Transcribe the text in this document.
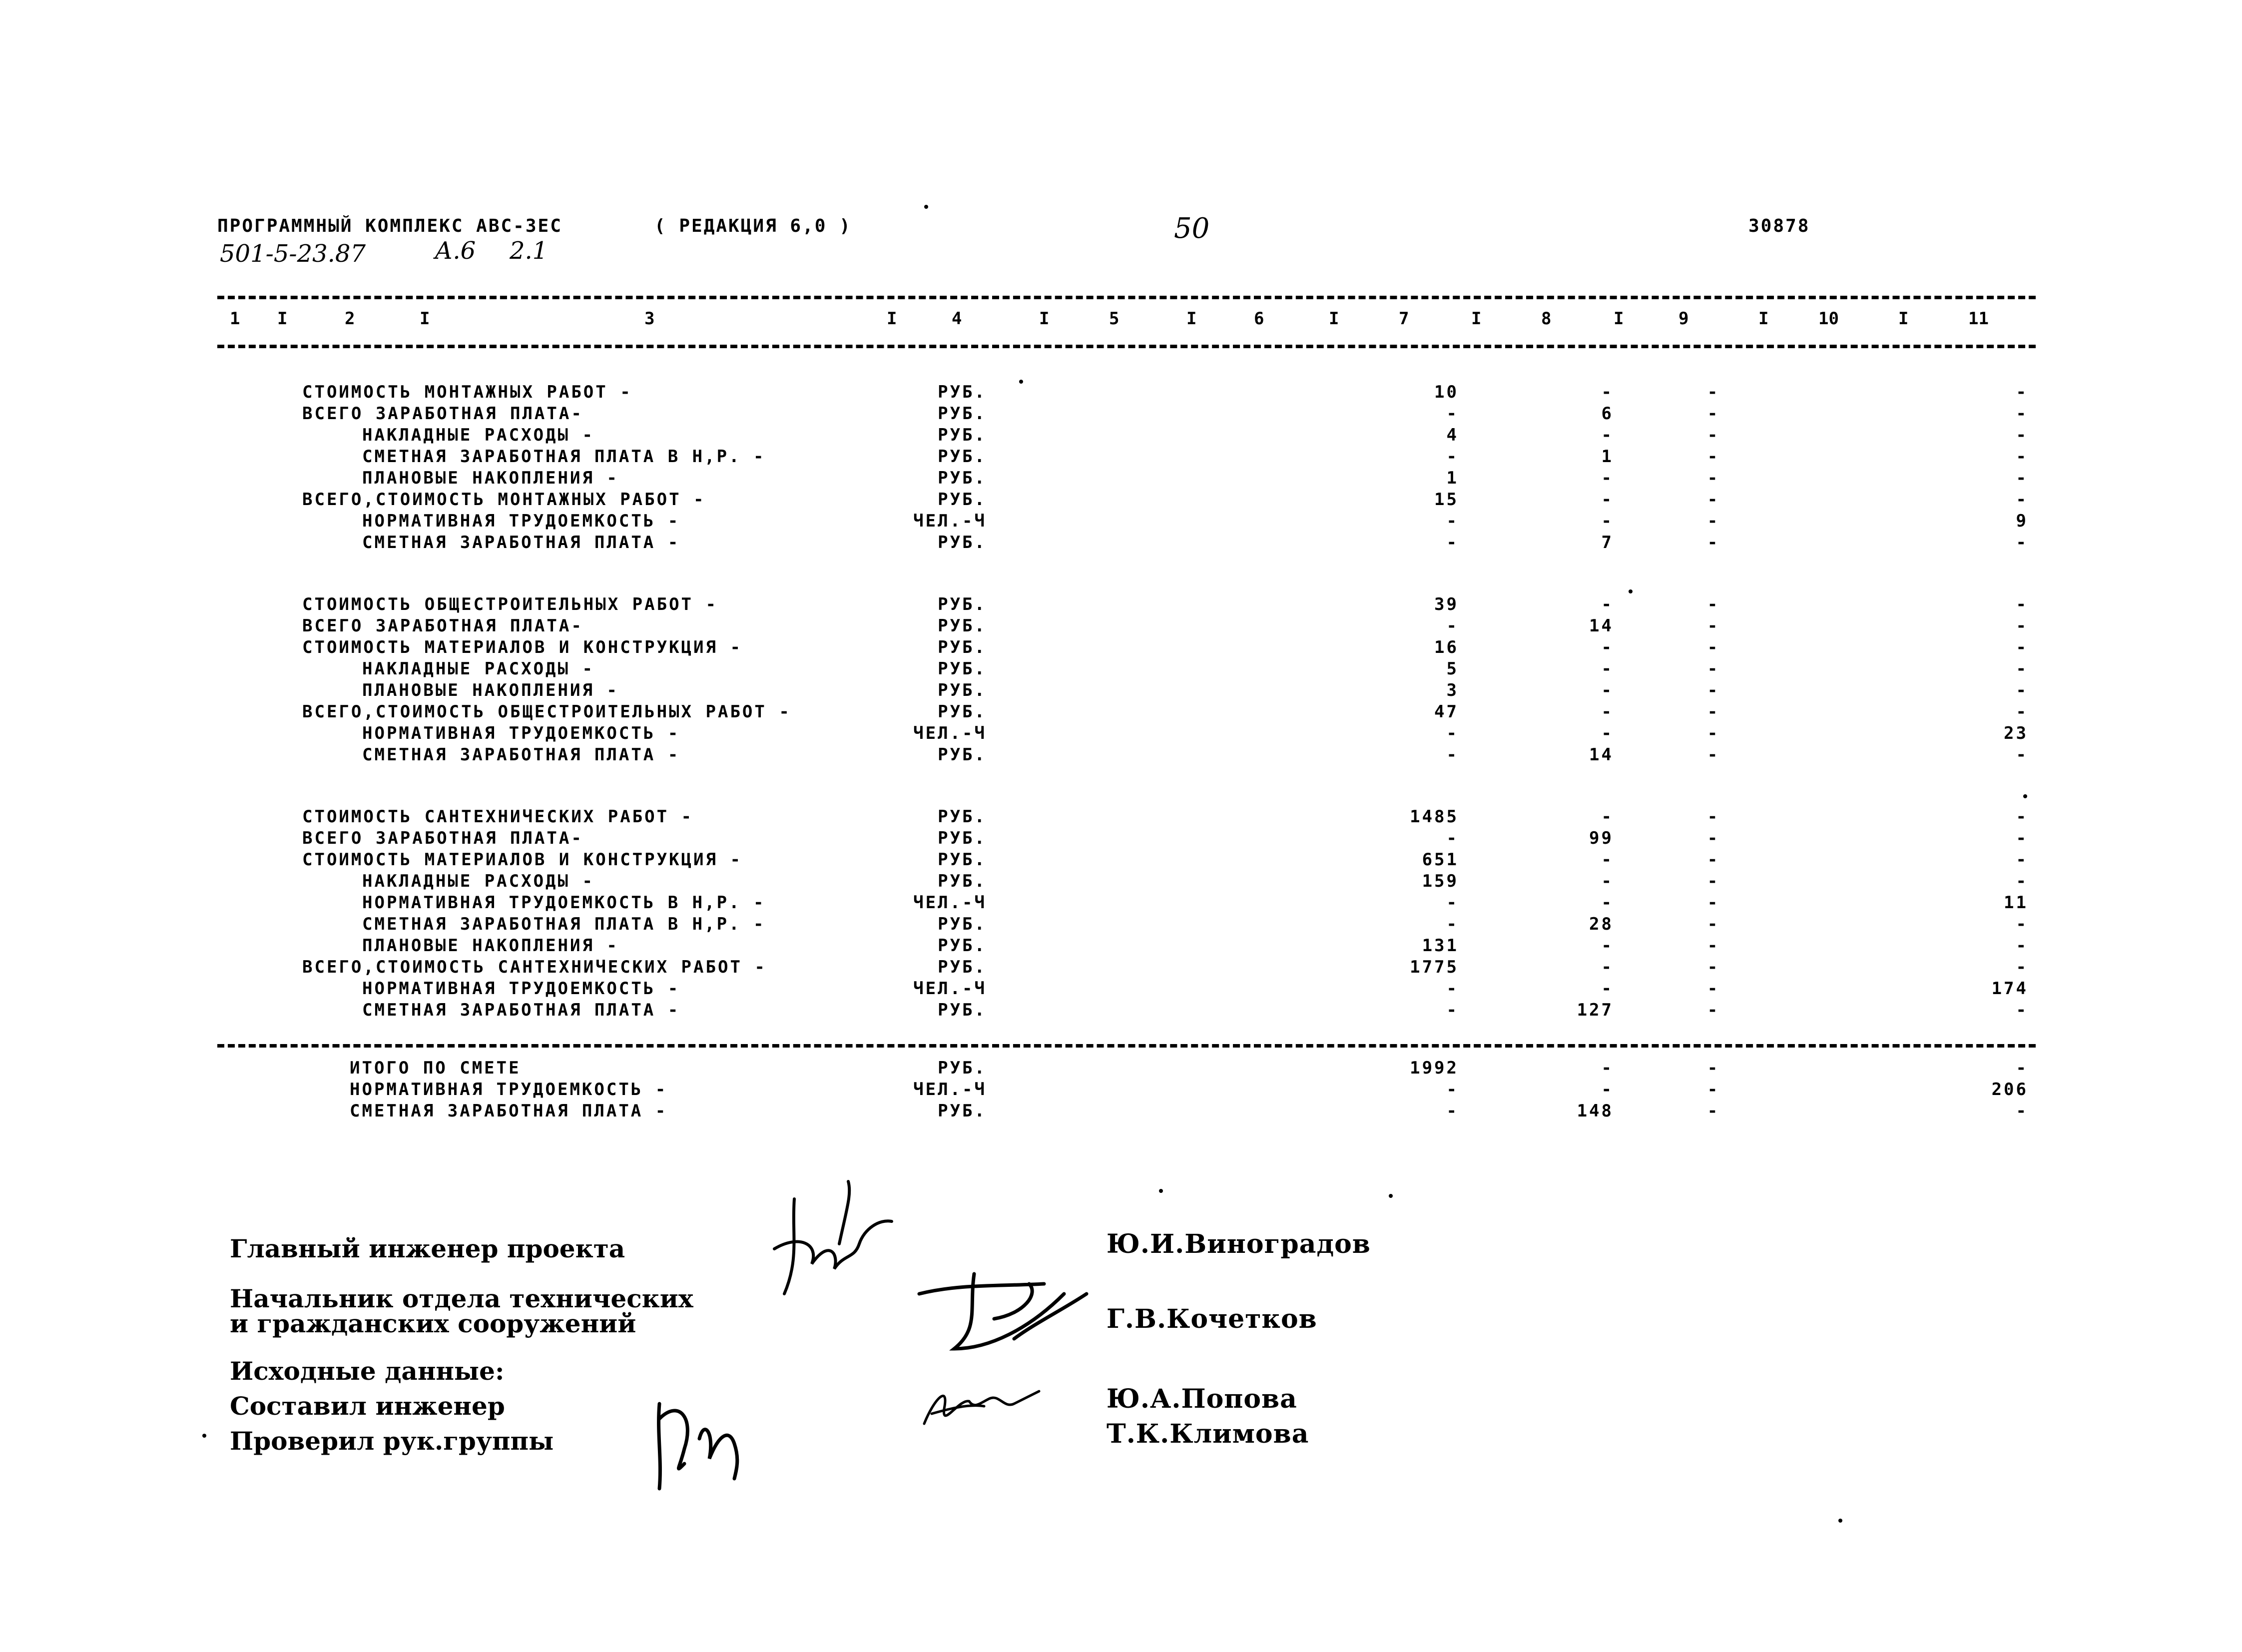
ПРОГРАММНЫЙ КОМПЛЕКС АВС-ЗЕС	( РЕДАКЦИЯ 6,0 )	50	30878
501-5-23.87	А.6 2.1
1 I	2	I	3	I	4	I	5	I	6	I	7	I	8	I	9	I	10	I	11
СТОИМОСТЬ МОНТАЖНЫХ РАБОТ -	РУБ.	10	-	-	-
ВСЕГО ЗАРАБОТНАЯ ПЛАТА-	РУБ.	-	6	-	-
НАКЛАДНЫЕ РАСХОДЫ -	РУБ.	4	-	-	-
СМЕТНАЯ ЗАРАБОТНАЯ ПЛАТА В Н,Р. -	РУБ.	-	1	-	-
ПЛАНОВЫЕ НАКОПЛЕНИЯ -	РУБ.	1	-	-	-
ВСЕГО,СТОИМОСТЬ МОНТАЖНЫХ РАБОТ -	РУБ.	15	-	-	-
НОРМАТИВНАЯ ТРУДОЕМКОСТЬ -	ЧЕЛ.-Ч	-	-	-	9
СМЕТНАЯ ЗАРАБОТНАЯ ПЛАТА -	РУБ.	-	7	-	-
СТОИМОСТЬ ОБЩЕСТРОИТЕЛЬНЫХ РАБОТ -	РУБ.	39	-	-	-
ВСЕГО ЗАРАБОТНАЯ ПЛАТА-	РУБ.	-	14	-	-
СТОИМОСТЬ МАТЕРИАЛОВ И КОНСТРУКЦИЯ -	РУБ.	16	-	-	-
НАКЛАДНЫЕ РАСХОДЫ -	РУБ.	5	-	-	-
ПЛАНОВЫЕ НАКОПЛЕНИЯ -	РУБ.	3	-	-	-
ВСЕГО,СТОИМОСТЬ ОБЩЕСТРОИТЕЛЬНЫХ РАБОТ -	РУБ.	47	-	-	-
НОРМАТИВНАЯ ТРУДОЕМКОСТЬ -	ЧЕЛ.-Ч	-	-	-	23
СМЕТНАЯ ЗАРАБОТНАЯ ПЛАТА -	РУБ.	-	14	-	-
СТОИМОСТЬ САНТЕХНИЧЕСКИХ РАБОТ -	РУБ.	1485	-	-	-
ВСЕГО ЗАРАБОТНАЯ ПЛАТА-	РУБ.	-	99	-	-
СТОИМОСТЬ МАТЕРИАЛОВ И КОНСТРУКЦИЯ -	РУБ.	651	-	-	-
НАКЛАДНЫЕ РАСХОДЫ -	РУБ.	159	-	-	-
НОРМАТИВНАЯ ТРУДОЕМКОСТЬ В Н,Р. -	ЧЕЛ.-Ч	-	-	-	11
СМЕТНАЯ ЗАРАБОТНАЯ ПЛАТА В Н,Р. -	РУБ.	-	28	-	-
ПЛАНОВЫЕ НАКОПЛЕНИЯ -	РУБ.	131	-	-	-
ВСЕГО,СТОИМОСТЬ САНТЕХНИЧЕСКИХ РАБОТ -	РУБ.	1775	-	-	-
НОРМАТИВНАЯ ТРУДОЕМКОСТЬ -	ЧЕЛ.-Ч	-	-	-	174
СМЕТНАЯ ЗАРАБОТНАЯ ПЛАТА -	РУБ.	-	127	-	-
ИТОГО ПО СМЕТЕ	РУБ.	1992	-	-	-
НОРМАТИВНАЯ ТРУДОЕМКОСТЬ -	ЧЕЛ.-Ч	-	-	-	206
СМЕТНАЯ ЗАРАБОТНАЯ ПЛАТА -	РУБ.	-	148	-	-
Главный инженер проекта
Начальник отдела технических
и гражданских сооружений
Исходные данные:
Составил инженер
Проверил рук.группы
Ю.И.Виноградов
Г.В.Кочетков
Ю.А.Попова
Т.К.Климова
